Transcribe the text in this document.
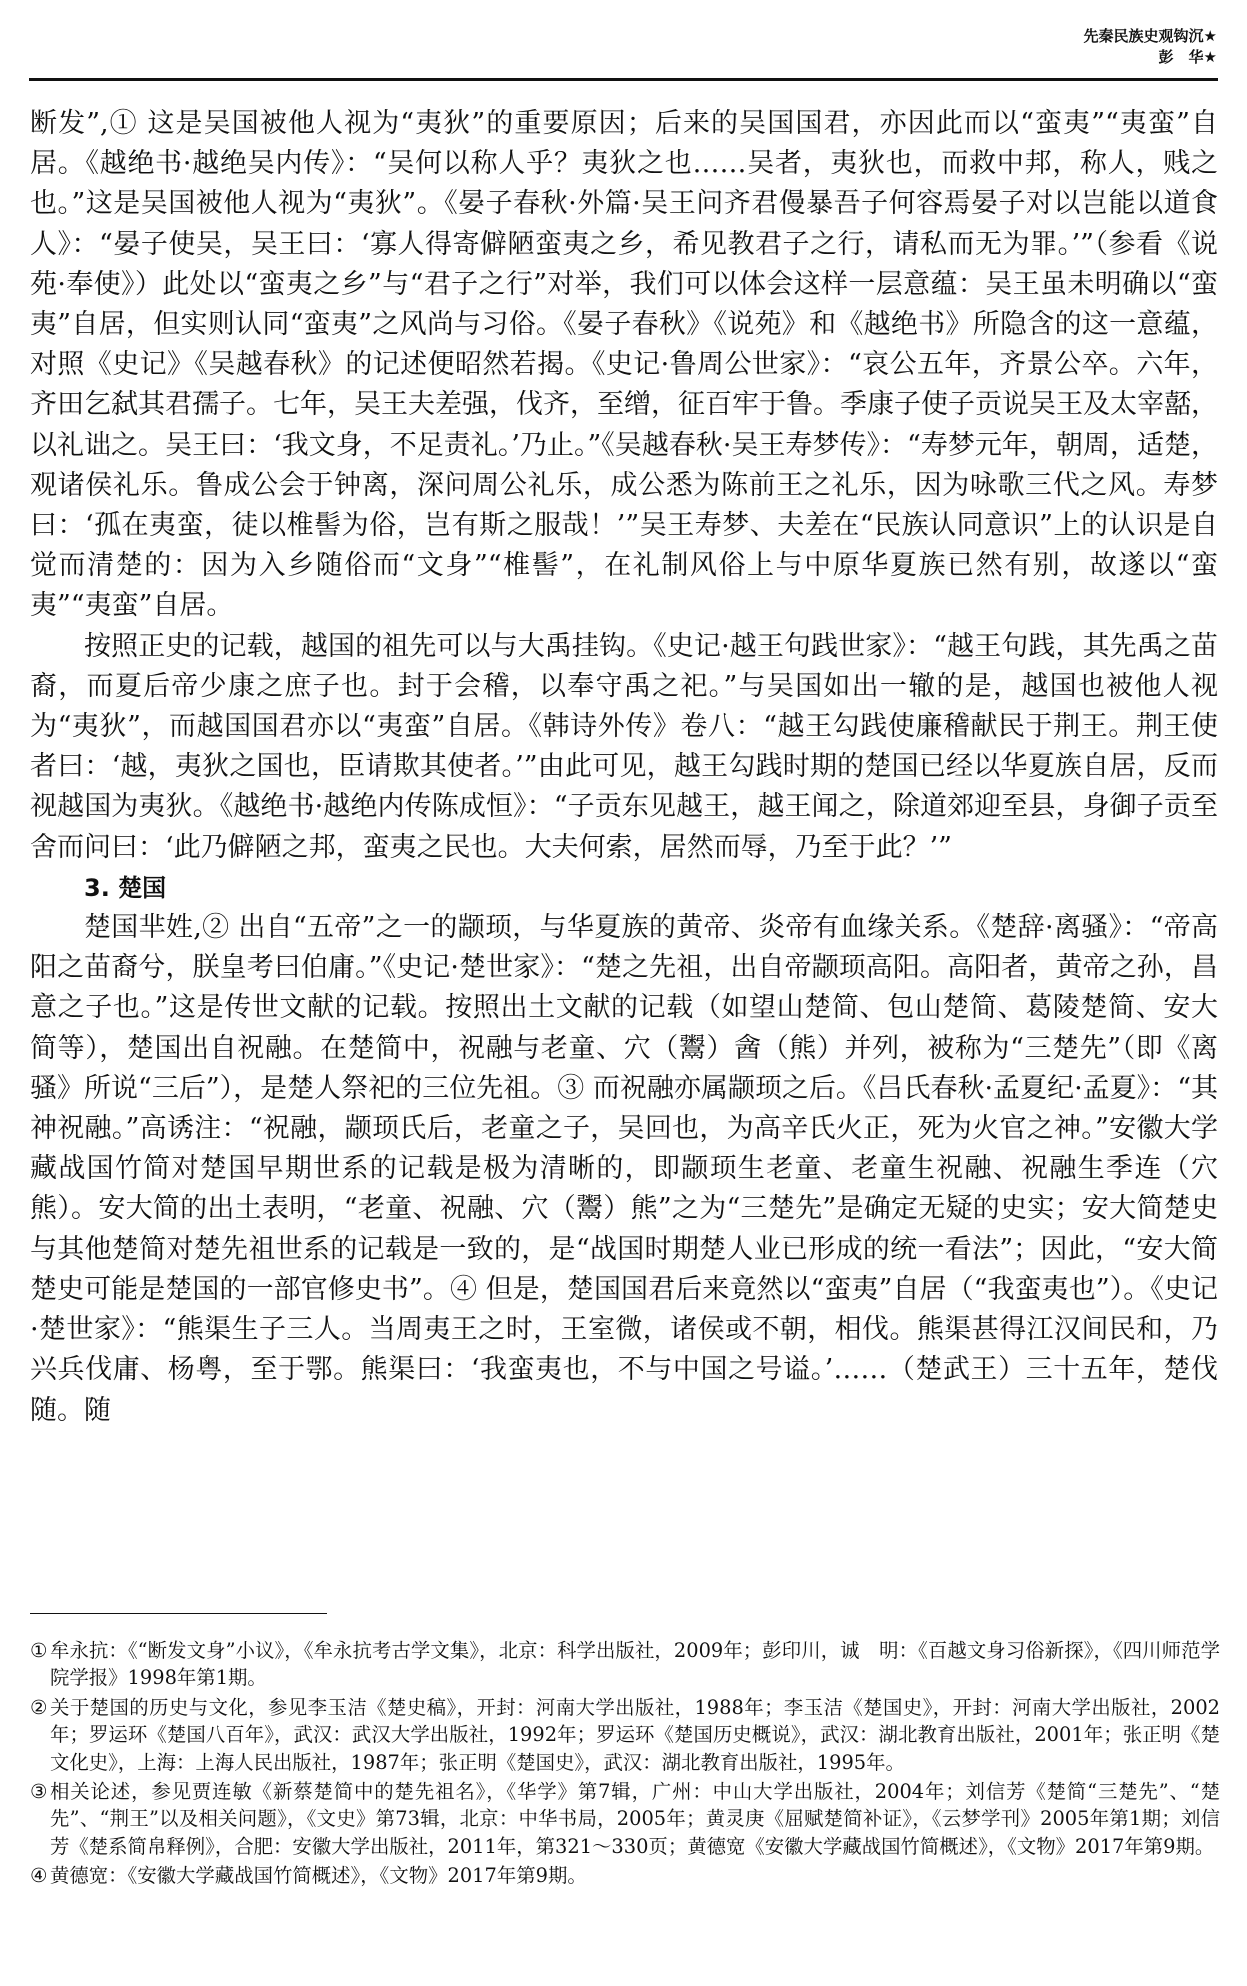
先秦民族史观钩沉★
彭　华★

断发”,① 这是吴国被他人视为“夷狄”的重要原因；后来的吴国国君，亦因此而以“蛮夷”“夷蛮”自居。《越绝书·越绝吴内传》：“吴何以称人乎？夷狄之也……吴者，夷狄也，而救中邦，称人，贱之也。”这是吴国被他人视为“夷狄”。《晏子春秋·外篇·吴王问齐君僈暴吾子何容焉晏子对以岂能以道食人》：“晏子使吴，吴王曰：‘寡人得寄僻陋蛮夷之乡，希见教君子之行，请私而无为罪。’”（参看《说苑·奉使》）此处以“蛮夷之乡”与“君子之行”对举，我们可以体会这样一层意蕴：吴王虽未明确以“蛮夷”自居，但实则认同“蛮夷”之风尚与习俗。《晏子春秋》《说苑》和《越绝书》所隐含的这一意蕴，对照《史记》《吴越春秋》的记述便昭然若揭。《史记·鲁周公世家》：“哀公五年，齐景公卒。六年，齐田乞弑其君孺子。七年，吴王夫差强，伐齐，至缯，征百牢于鲁。季康子使子贡说吴王及太宰嚭，以礼诎之。吴王曰：‘我文身，不足责礼。’乃止。”《吴越春秋·吴王寿梦传》：“寿梦元年，朝周，适楚，观诸侯礼乐。鲁成公会于钟离，深问周公礼乐，成公悉为陈前王之礼乐，因为咏歌三代之风。寿梦曰：‘孤在夷蛮，徒以椎髻为俗，岂有斯之服哉！’”吴王寿梦、夫差在“民族认同意识”上的认识是自觉而清楚的：因为入乡随俗而“文身”“椎髻”，在礼制风俗上与中原华夏族已然有别，故遂以“蛮夷”“夷蛮”自居。

按照正史的记载，越国的祖先可以与大禹挂钩。《史记·越王句践世家》：“越王句践，其先禹之苗裔，而夏后帝少康之庶子也。封于会稽，以奉守禹之祀。”与吴国如出一辙的是，越国也被他人视为“夷狄”，而越国国君亦以“夷蛮”自居。《韩诗外传》卷八：“越王勾践使廉稽献民于荆王。荆王使者曰：‘越，夷狄之国也，臣请欺其使者。’”由此可见，越王勾践时期的楚国已经以华夏族自居，反而视越国为夷狄。《越绝书·越绝内传陈成恒》：“子贡东见越王，越王闻之，除道郊迎至县，身御子贡至舍而问曰：‘此乃僻陋之邦，蛮夷之民也。大夫何索，居然而辱，乃至于此？’”

3. 楚国

楚国芈姓,② 出自“五帝”之一的颛顼，与华夏族的黄帝、炎帝有血缘关系。《楚辞·离骚》：“帝高阳之苗裔兮，朕皇考曰伯庸。”《史记·楚世家》：“楚之先祖，出自帝颛顼高阳。高阳者，黄帝之孙，昌意之子也。”这是传世文献的记载。按照出土文献的记载（如望山楚简、包山楚简、葛陵楚简、安大简等），楚国出自祝融。在楚简中，祝融与老童、穴（鬻）酓（熊）并列，被称为“三楚先”（即《离骚》所说“三后”），是楚人祭祀的三位先祖。③ 而祝融亦属颛顼之后。《吕氏春秋·孟夏纪·孟夏》：“其神祝融。”高诱注：“祝融，颛顼氏后，老童之子，吴回也，为高辛氏火正，死为火官之神。”安徽大学藏战国竹简对楚国早期世系的记载是极为清晰的，即颛顼生老童、老童生祝融、祝融生季连（穴熊）。安大简的出土表明，“老童、祝融、穴（鬻）熊”之为“三楚先”是确定无疑的史实；安大简楚史与其他楚简对楚先祖世系的记载是一致的，是“战国时期楚人业已形成的统一看法”；因此，“安大简楚史可能是楚国的一部官修史书”。④ 但是，楚国国君后来竟然以“蛮夷”自居（“我蛮夷也”）。《史记·楚世家》：“熊渠生子三人。当周夷王之时，王室微，诸侯或不朝，相伐。熊渠甚得江汉间民和，乃兴兵伐庸、杨粤，至于鄂。熊渠曰：‘我蛮夷也，不与中国之号谥。’……（楚武王）三十五年，楚伐随。随

① 牟永抗：《“断发文身”小议》，《牟永抗考古学文集》，北京：科学出版社，2009年；彭印川，诚　明：《百越文身习俗新探》，《四川师范学院学报》1998年第1期。
② 关于楚国的历史与文化，参见李玉洁《楚史稿》，开封：河南大学出版社，1988年；李玉洁《楚国史》，开封：河南大学出版社，2002年；罗运环《楚国八百年》，武汉：武汉大学出版社，1992年；罗运环《楚国历史概说》，武汉：湖北教育出版社，2001年；张正明《楚文化史》，上海：上海人民出版社，1987年；张正明《楚国史》，武汉：湖北教育出版社，1995年。
③ 相关论述，参见贾连敏《新蔡楚简中的楚先祖名》，《华学》第7辑，广州：中山大学出版社，2004年；刘信芳《楚简“三楚先”、“楚先”、“荆王”以及相关问题》，《文史》第73辑，北京：中华书局，2005年；黄灵庚《屈赋楚简补证》，《云梦学刊》2005年第1期；刘信芳《楚系简帛释例》，合肥：安徽大学出版社，2011年，第321～330页；黄德宽《安徽大学藏战国竹简概述》，《文物》2017年第9期。
④ 黄德宽：《安徽大学藏战国竹简概述》，《文物》2017年第9期。
